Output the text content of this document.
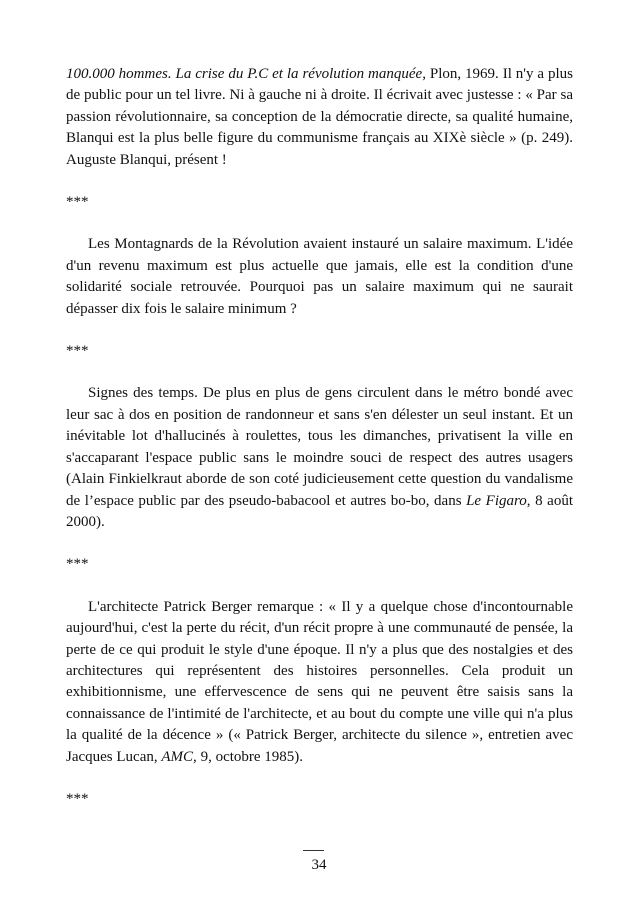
100.000 hommes. La crise du P.C et la révolution manquée, Plon, 1969. Il n'y a plus de public pour un tel livre. Ni à gauche ni à droite. Il écrivait avec justesse : « Par sa passion révolutionnaire, sa conception de la démocratie directe, sa qualité humaine, Blanqui est la plus belle figure du communisme français au XIXè siècle » (p. 249). Auguste Blanqui, présent !

***

Les Montagnards de la Révolution avaient instauré un salaire maximum. L'idée d'un revenu maximum est plus actuelle que jamais, elle est la condition d'une solidarité sociale retrouvée. Pourquoi pas un salaire maximum qui ne saurait dépasser dix fois le salaire minimum ?

***

Signes des temps. De plus en plus de gens circulent dans le métro bondé avec leur sac à dos en position de randonneur et sans s'en délester un seul instant. Et un inévitable lot d'hallucinés à roulettes, tous les dimanches, privatisent la ville en s'accaparant l'espace public sans le moindre souci de respect des autres usagers (Alain Finkielkraut aborde de son coté judicieusement cette question du vandalisme de l’espace public par des pseudo-babacool et autres bo-bo, dans Le Figaro, 8 août 2000).

***

L'architecte Patrick Berger remarque : « Il y a quelque chose d'incontournable aujourd'hui, c'est la perte du récit, d'un récit propre à une communauté de pensée, la perte de ce qui produit le style d'une époque. Il n'y a plus que des nostalgies et des architectures qui représentent des histoires personnelles. Cela produit un exhibitionnisme, une effervescence de sens qui ne peuvent être saisis sans la connaissance de l'intimité de l'architecte, et au bout du compte une ville qui n'a plus la qualité de la décence » (« Patrick Berger, architecte du silence », entretien avec Jacques Lucan, AMC, 9, octobre 1985).

***
34
